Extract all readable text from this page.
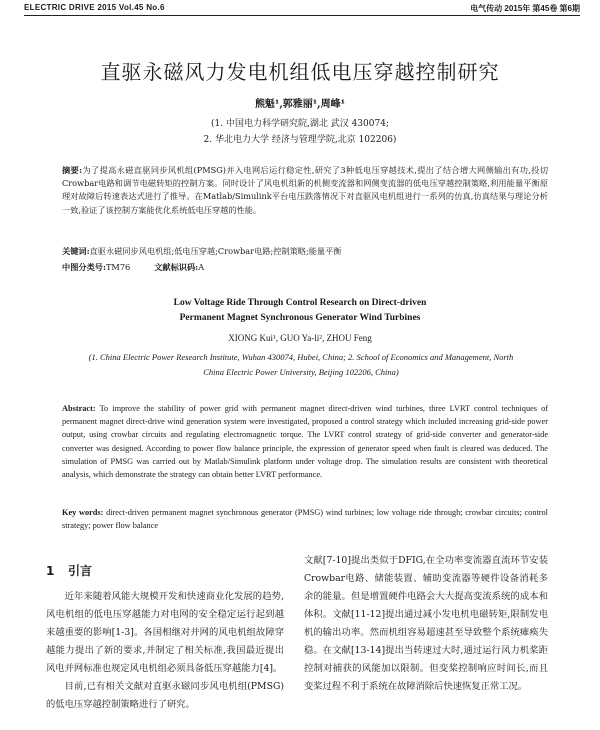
ELECTRIC DRIVE 2015 Vol.45 No.6	电气传动 2015年 第45卷 第6期
直驱永磁风力发电机组低电压穿越控制研究
熊魁¹,郭雅丽¹,周峰¹
(1. 中国电力科学研究院,湖北 武汉 430074;
2. 华北电力大学 经济与管理学院,北京 102206)
摘要:为了提高永磁直驱同步风机组(PMSG)并入电网后运行稳定性,研究了3种低电压穿越技术,提出了结合增大网侧输出有功,投切Crowbar电路和调节电磁转矩的控制方案。同时设计了风电机组新的机侧变流器和网侧变流器的低电压穿越控制策略,利用能量平衡原理对故障后转速表达式进行了推导。在Matlab/Simulink平台电压跌落情况下对直驱风电机组进行一系列的仿真,仿真结果与理论分析一致,验证了该控制方案能优化系统低电压穿越的性能。
关键词:直驱永磁同步风电机组;低电压穿越;Crowbar电路;控制策略;能量平衡
中图分类号:TM76	文献标识码:A
Low Voltage Ride Through Control Research on Direct-driven
Permanent Magnet Synchronous Generator Wind Turbines
XIONG Kui¹, GUO Ya-li², ZHOU Feng
(1. China Electric Power Research Institute, Wuhan 430074, Hubei, China; 2. School of Economics and Management, North China Electric Power University, Beijing 102206, China)
Abstract: To improve the stability of power grid with permanent magnet direct-driven wind turbines, three LVRT control techniques of permanent magnet direct-drive wind generation system were investigated, proposed a control strategy which included increasing grid-side power output, using crowbar circuits and regulating electromagnetic torque. The LVRT control strategy of grid-side converter and generator-side converter was designed. According to power flow balance principle, the expression of generator speed when fault is cleared was deduced. The simulation of PMSG was carried out by Matlab/Simulink platform under voltage drop. The simulation results are consistent with theoretical analysis, which demonstrate the strategy can obtain better LVRT performance.
Key words: direct-driven permanent magnet synchronous generator (PMSG) wind turbines; low voltage ride through; crowbar circuits; control strategy; power flow balance
1 引言

近年来随着风能大规模开发和快速商业化发展的趋势,风电机组的低电压穿越能力对电网的安全稳定运行起到越来越重要的影响[1-3]。各国相继对并网的风电机组故障穿越能力提出了新的要求,并制定了相关标准,我国最近提出风电并网标准也规定风电机组必须具备低压穿越能力[4]。

目前,已有相关文献对直驱永磁同步风电机组(PMSG)的低电压穿越控制策略进行了研究。

文献[7-10]提出类似于DFIG,在全功率变流器直流环节安装Crowbar电路、储能装置、辅助变流器等硬件设备消耗多余的能量。但是增置硬件电路会大大提高变流系统的成本和体积。文献[11-12]提出通过减小发电机电磁转矩,限制发电机的输出功率。然而机组容易超速甚至导致整个系统瘫痪失稳。在文献[13-14]提出当转速过大时,通过运行风力机桨距控制对捕获的风能加以限制。但变桨控制响应时间长,而且变桨过程不利于系统在故障消除后快速恢复正常工况。
